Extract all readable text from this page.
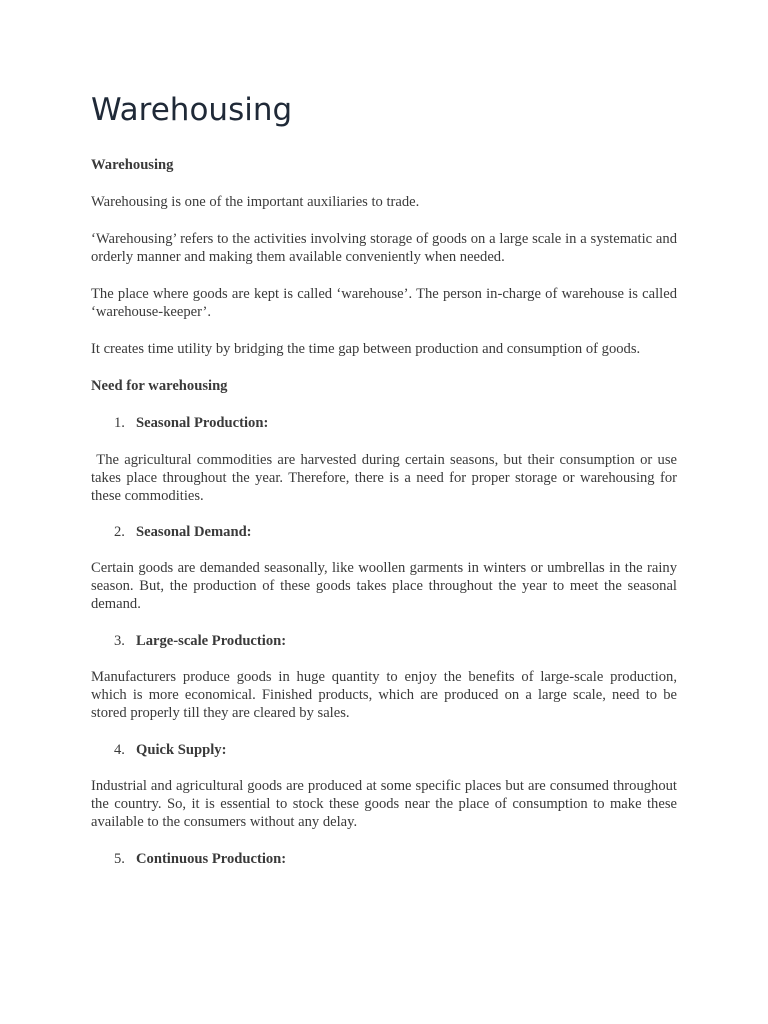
Warehousing

Warehousing

Warehousing is one of the important auxiliaries to trade.

‘Warehousing’ refers to the activities involving storage of goods on a large scale in a systematic and orderly manner and making them available conveniently when needed.

The place where goods are kept is called ‘warehouse’. The person in-charge of warehouse is called ‘warehouse-keeper’.

It creates time utility by bridging the time gap between production and consumption of goods.

Need for warehousing

1. Seasonal Production:

The agricultural commodities are harvested during certain seasons, but their consumption or use takes place throughout the year. Therefore, there is a need for proper storage or warehousing for these commodities.

2. Seasonal Demand:

Certain goods are demanded seasonally, like woollen garments in winters or umbrellas in the rainy season. But, the production of these goods takes place throughout the year to meet the seasonal demand.

3. Large-scale Production:

Manufacturers produce goods in huge quantity to enjoy the benefits of large-scale production, which is more economical. Finished products, which are produced on a large scale, need to be stored properly till they are cleared by sales.

4. Quick Supply:

Industrial and agricultural goods are produced at some specific places but are consumed throughout the country. So, it is essential to stock these goods near the place of consumption to make these available to the consumers without any delay.

5. Continuous Production:
